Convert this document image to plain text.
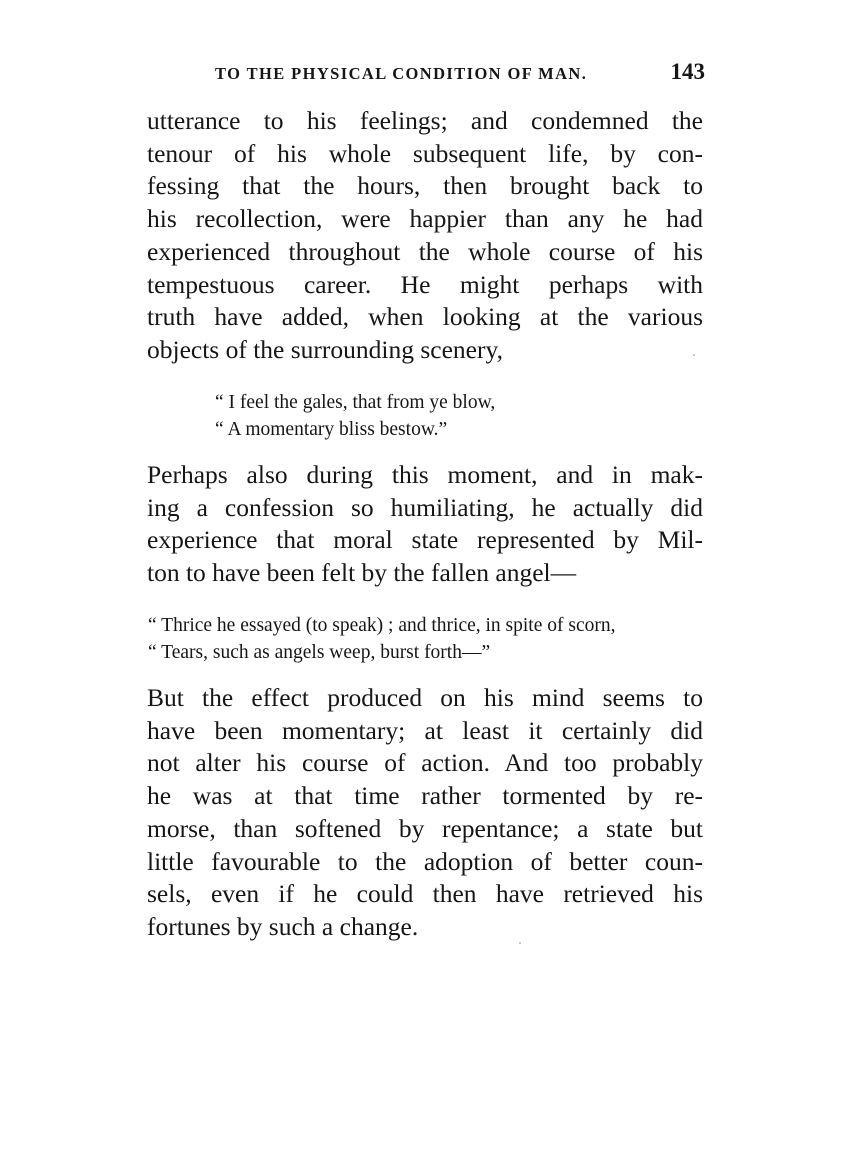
TO THE PHYSICAL CONDITION OF MAN.	143

utterance to his feelings; and condemned the
tenour of his whole subsequent life, by con-
fessing that the hours, then brought back to
his recollection, were happier than any he had
experienced throughout the whole course of his
tempestuous career. He might perhaps with
truth have added, when looking at the various
objects of the surrounding scenery,

“ I feel the gales, that from ye blow,
“ A momentary bliss bestow.”

Perhaps also during this moment, and in mak-
ing a confession so humiliating, he actually did
experience that moral state represented by Mil-
ton to have been felt by the fallen angel—

“ Thrice he essayed (to speak) ; and thrice, in spite of scorn,
“ Tears, such as angels weep, burst forth—”

But the effect produced on his mind seems to
have been momentary; at least it certainly did
not alter his course of action. And too probably
he was at that time rather tormented by re-
morse, than softened by repentance; a state but
little favourable to the adoption of better coun-
sels, even if he could then have retrieved his
fortunes by such a change.
